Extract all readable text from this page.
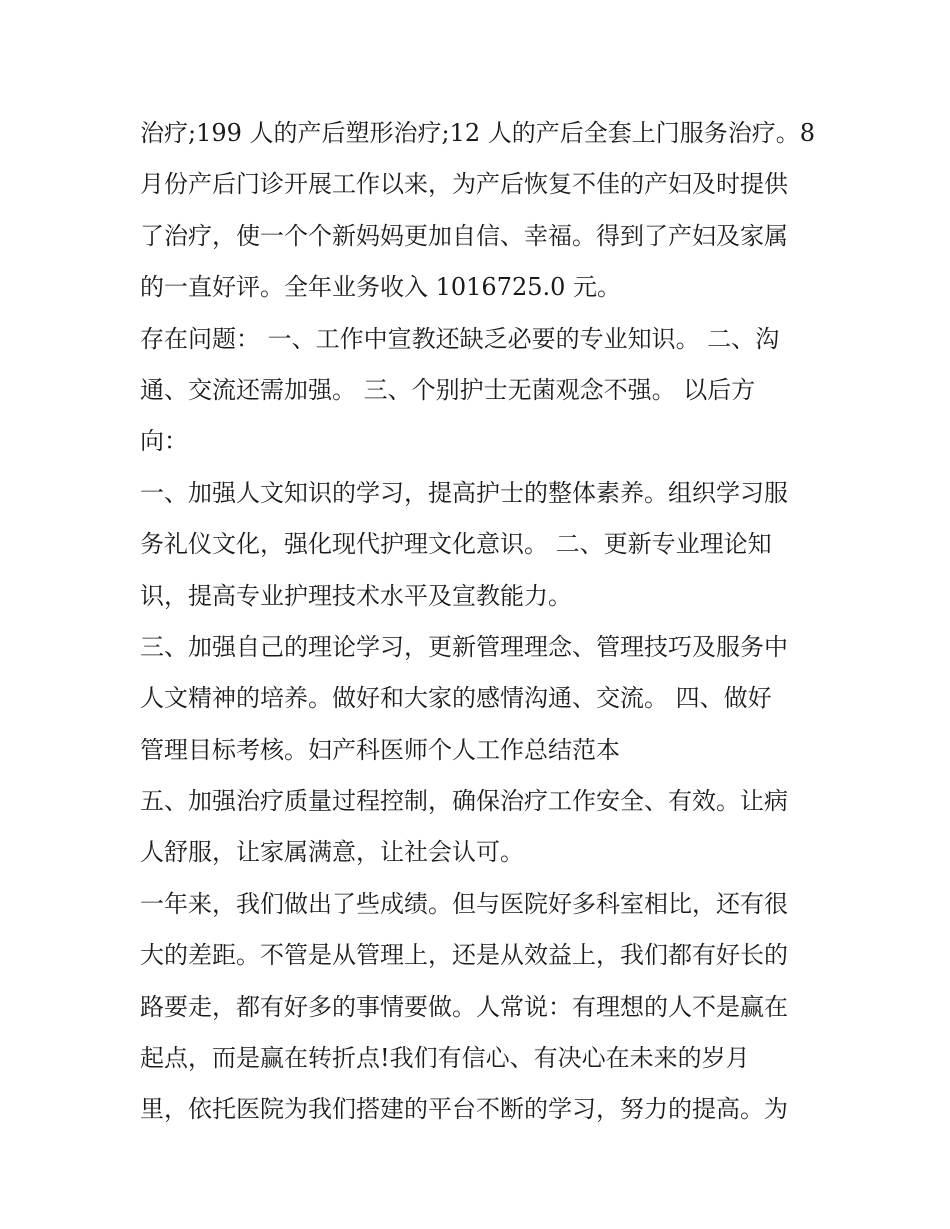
治疗;199 人的产后塑形治疗;12 人的产后全套上门服务治疗。8
月份产后门诊开展工作以来，为产后恢复不佳的产妇及时提供
了治疗，使一个个新妈妈更加自信、幸福。得到了产妇及家属
的一直好评。全年业务收入 1016725.0 元。
存在问题： 一、工作中宣教还缺乏必要的专业知识。 二、沟
通、交流还需加强。 三、个别护士无菌观念不强。 以后方
向：
一、加强人文知识的学习，提高护士的整体素养。组织学习服
务礼仪文化，强化现代护理文化意识。 二、更新专业理论知
识，提高专业护理技术水平及宣教能力。
三、加强自己的理论学习，更新管理理念、管理技巧及服务中
人文精神的培养。做好和大家的感情沟通、交流。 四、做好
管理目标考核。妇产科医师个人工作总结范本
五、加强治疗质量过程控制，确保治疗工作安全、有效。让病
人舒服，让家属满意，让社会认可。
一年来，我们做出了些成绩。但与医院好多科室相比，还有很
大的差距。不管是从管理上，还是从效益上，我们都有好长的
路要走，都有好多的事情要做。人常说：有理想的人不是赢在
起点，而是赢在转折点!我们有信心、有决心在未来的岁月
里，依托医院为我们搭建的平台不断的学习，努力的提高。为
